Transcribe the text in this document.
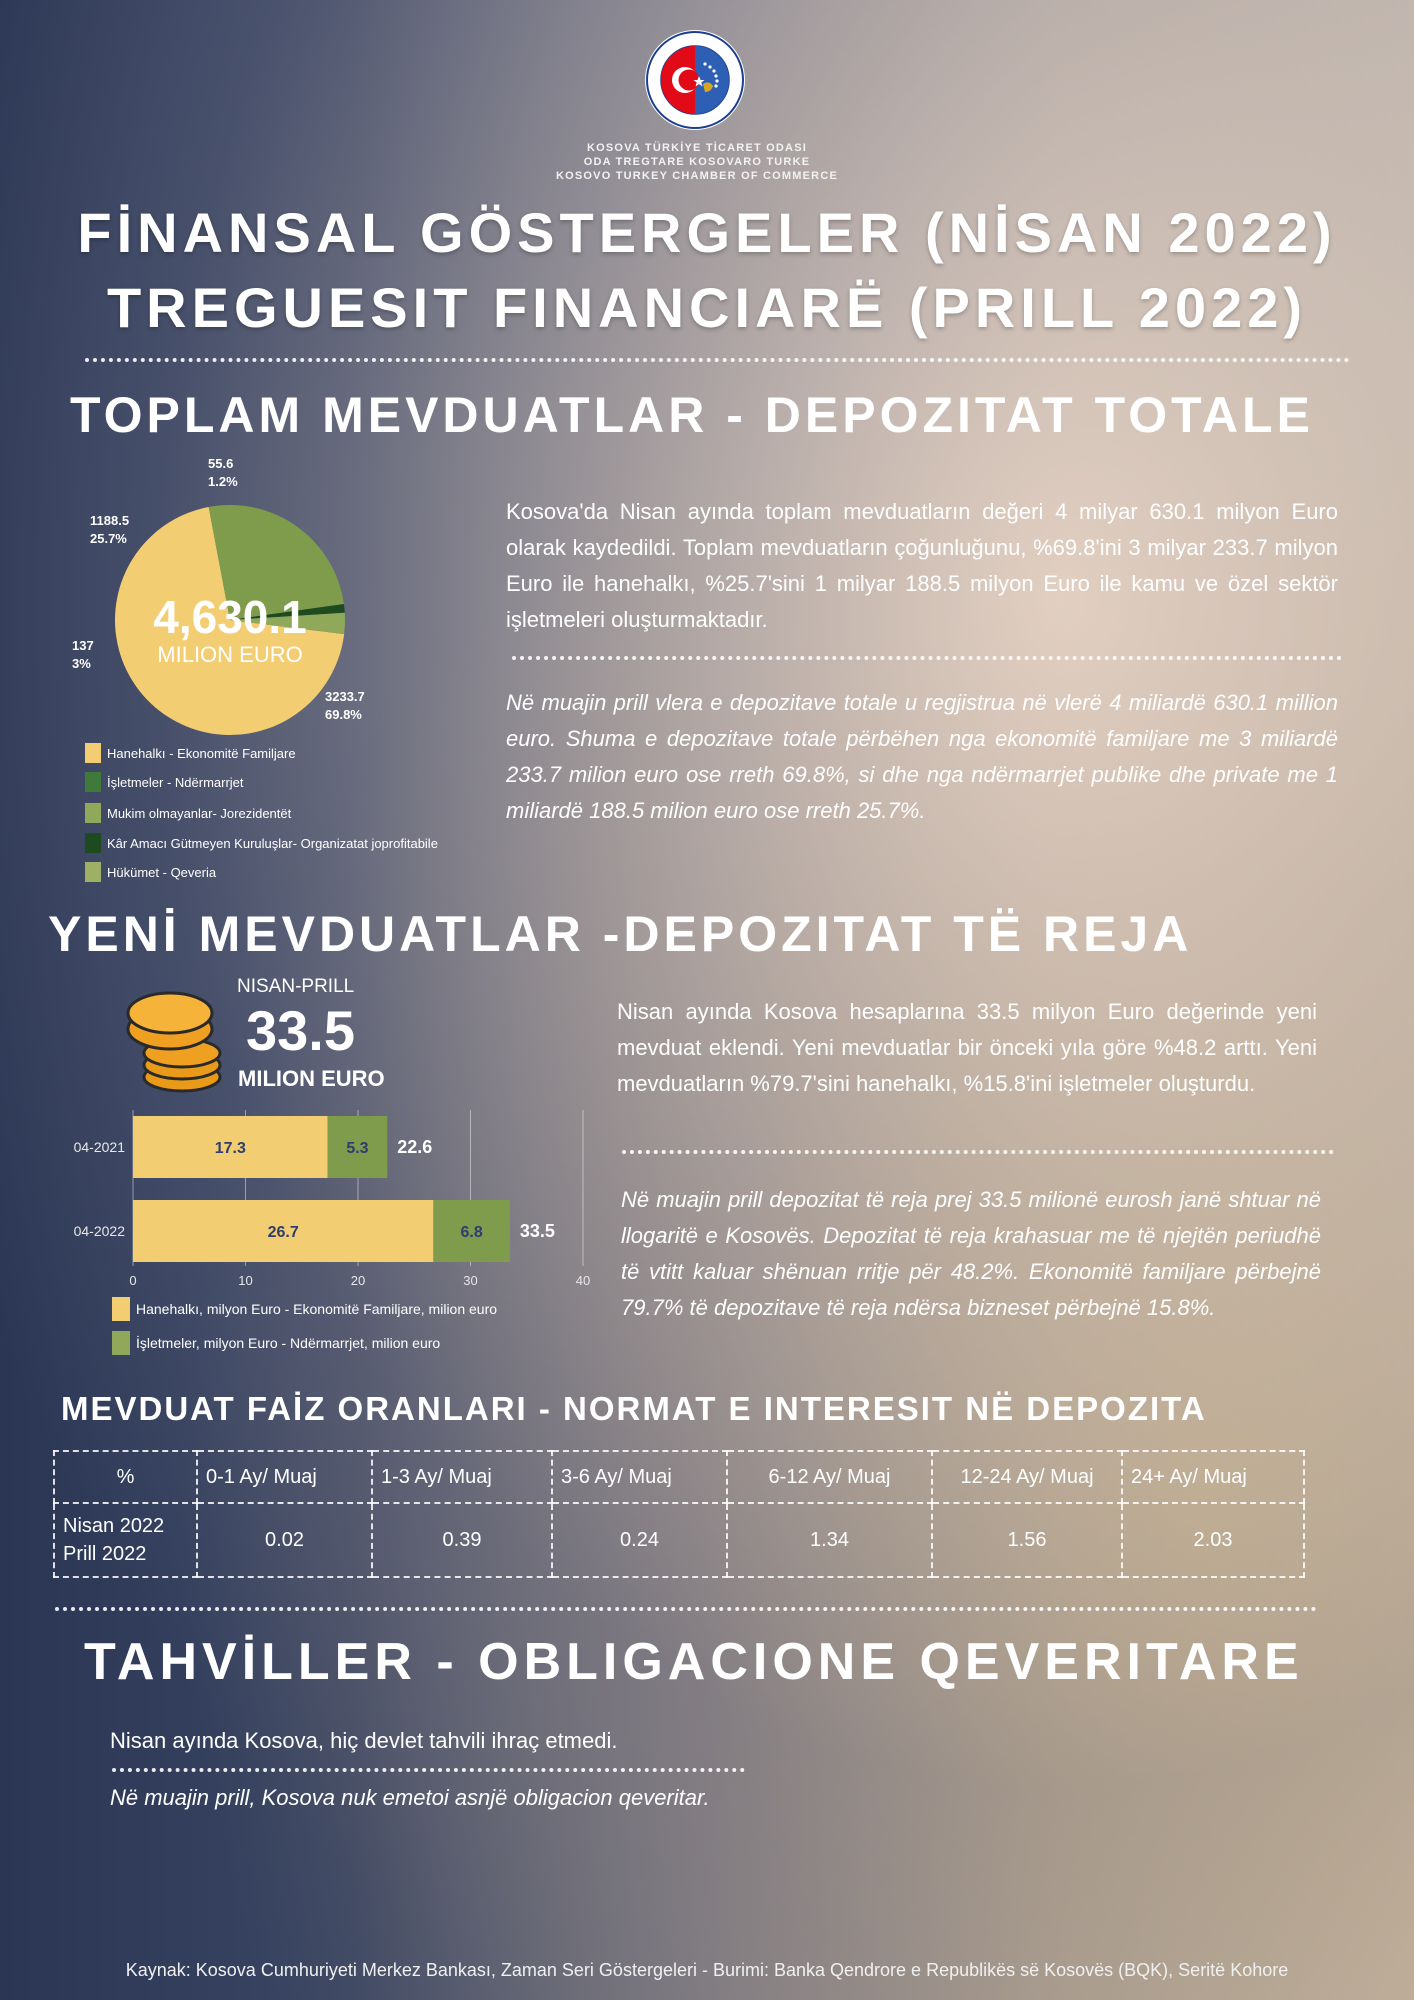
KOSOVA TÜRKİYE TİCARET ODASI
ODA TREGTARE KOSOVARO TURKE
KOSOVO TURKEY CHAMBER OF COMMERCE
FİNANSAL GÖSTERGELER (NİSAN 2022)
TREGUESIT FINANCIARË (PRILL 2022)
TOPLAM MEVDUATLAR - DEPOZITAT TOTALE
4,630.1
MILION EURO
55.6
1.2%
1188.5
25.7%
137
3%
3233.7
69.8%
Hanehalkı - Ekonomitë Familjare
İşletmeler - Ndërmarrjet
Mukim olmayanlar- Jorezidentët
Kâr Amacı Gütmeyen Kuruluşlar- Organizatat joprofitabile
Hükümet - Qeveria
Kosova'da Nisan ayında toplam mevduatların değeri 4 milyar 630.1 milyon Euro olarak kaydedildi. Toplam mevduatların çoğunluğunu, %69.8'ini 3 milyar 233.7 milyon Euro ile hanehalkı, %25.7'sini 1 milyar 188.5 milyon Euro ile kamu ve özel sektör işletmeleri oluşturmaktadır.
Në muajin prill vlera e depozitave totale u regjistrua në vlerë 4 miliardë 630.1 million euro. Shuma e depozitave totale përbëhen nga ekonomitë familjare me 3 miliardë 233.7 milion euro ose rreth 69.8%, si dhe nga ndërmarrjet publike dhe private me 1 miliardë 188.5 milion euro ose rreth 25.7%.
YENİ MEVDUATLAR -DEPOZITAT TË REJA
NISAN-PRILL
33.5
MILION EURO
0	10	20	30	40
04-2021	17.3	5.3 22.6
04-2022	26.7	6.8 33.5
Hanehalkı, milyon Euro - Ekonomitë Familjare, milion euro
İşletmeler, milyon Euro - Ndërmarrjet, milion euro
Nisan ayında Kosova hesaplarına 33.5 milyon Euro değerinde yeni mevduat eklendi. Yeni mevduatlar bir önceki yıla göre %48.2 arttı. Yeni mevduatların %79.7'sini hanehalkı, %15.8'ini işletmeler oluşturdu.
Në muajin prill depozitat të reja prej 33.5 milionë eurosh janë shtuar në llogaritë e Kosovës. Depozitat të reja krahasuar me të njejtën periudhë të vtitt kaluar shënuan rritje për 48.2%. Ekonomitë familjare përbejnë 79.7% të depozitave të reja ndërsa bizneset përbejnë 15.8%.
MEVDUAT FAİZ ORANLARI - NORMAT E INTERESIT NË DEPOZITA
%	0-1 Ay/ Muaj	1-3 Ay/ Muaj	3-6 Ay/ Muaj	6-12 Ay/ Muaj	12-24 Ay/ Muaj	24+ Ay/ Muaj
Nisan 2022
Prill 2022	0.02	0.39	0.24	1.34	1.56	2.03
TAHVİLLER - OBLIGACIONE QEVERITARE
Nisan ayında Kosova, hiç devlet tahvili ihraç etmedi.
Në muajin prill, Kosova nuk emetoi asnjë obligacion qeveritar.
Kaynak: Kosova Cumhuriyeti Merkez Bankası, Zaman Seri Göstergeleri - Burimi: Banka Qendrore e Republikës së Kosovës (BQK), Seritë Kohore
